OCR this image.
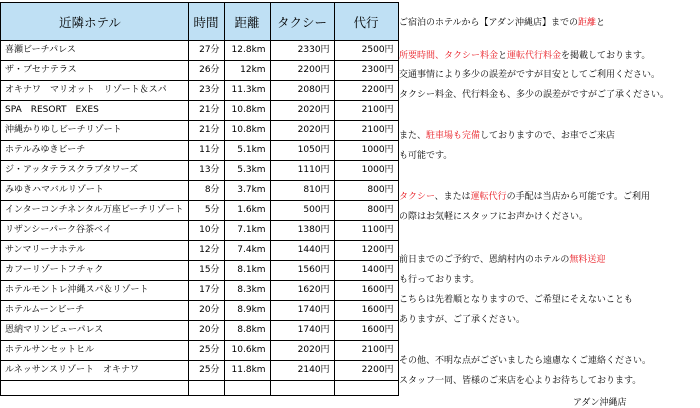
近隣ホテル	時間	距離	タクシー	代行
喜瀬ビーチパレス	27分	12.8km	2330円	2500円
ザ・ブセナテラス	26分	12km	2200円	2300円
オキナワ　マリオット　リゾート＆スパ	23分	11.3km	2080円	2200円
SPA　RESORT　EXES	21分	10.8km	2020円	2100円
沖縄かりゆしビーチリゾート	21分	10.8km	2020円	2100円
ホテルみゆきビーチ	11分	5.1km	1050円	1000円
ジ・アッタテラスクラブタワーズ	13分	5.3km	1110円	1000円
みゆきハマバルリゾート	8分	3.7km	810円	800円
インターコンチネンタル万座ビーチリゾート	5分	1.6km	500円	800円
リザンシーパーク谷茶ベイ	10分	7.1km	1380円	1100円
サンマリーナホテル	12分	7.4km	1440円	1200円
カフーリゾートフチャク	15分	8.1km	1560円	1400円
ホテルモントレ沖縄スパ＆リゾート	17分	8.3km	1620円	1600円
ホテルムーンビーチ	20分	8.9km	1740円	1600円
恩納マリンビューパレス	20分	8.8km	1740円	1600円
ホテルサンセットヒル	25分	10.6km	2020円	2100円
ルネッサンスリゾート　オキナワ	25分	11.8km	2140円	2200円

ご宿泊のホテルから【アダン沖縄店】までの距離と
所要時間、タクシー料金と運転代行料金を掲載しております。
交通事情により多少の誤差がですが目安としてご利用ください。
タクシー料金、代行料金も、多少の誤差がですがご了承ください。
また、駐車場も完備しておりますので、お車でご来店
も可能です。
タクシー、または運転代行の手配は当店から可能です。ご利用
の際はお気軽にスタッフにお声かけください。
前日までのご予約で、恩納村内のホテルの無料送迎
も行っております。
こちらは先着順となりますので、ご希望にそえないことも
ありますが、ご了承ください。
その他、不明な点がございましたら遠慮なくご連絡ください。
スタッフ一同、皆様のご来店を心よりお待ちしております。
アダン沖縄店
